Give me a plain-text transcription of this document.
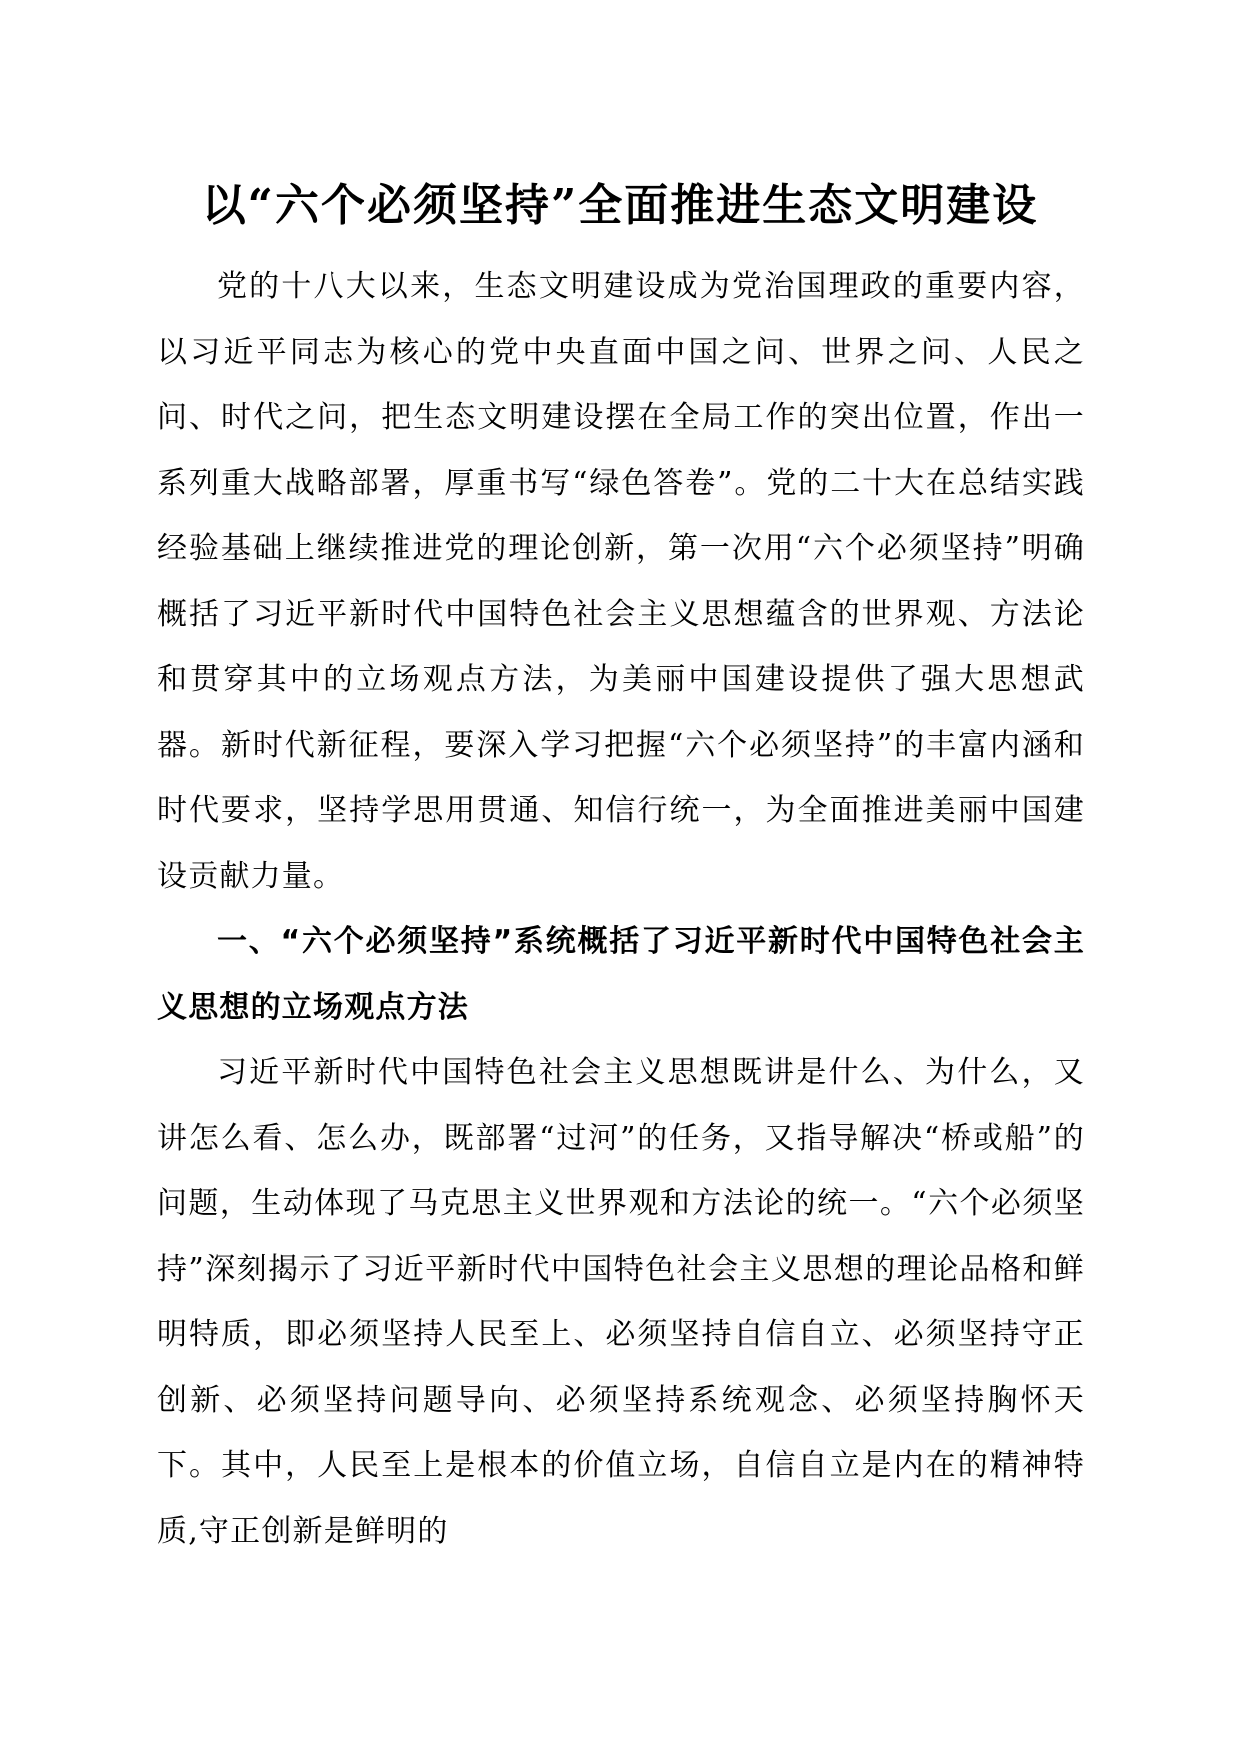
以“六个必须坚持”全面推进生态文明建设

党的十八大以来，生态文明建设成为党治国理政的重要内容，以习近平同志为核心的党中央直面中国之问、世界之问、人民之问、时代之问，把生态文明建设摆在全局工作的突出位置，作出一系列重大战略部署，厚重书写“绿色答卷”。党的二十大在总结实践经验基础上继续推进党的理论创新，第一次用“六个必须坚持”明确概括了习近平新时代中国特色社会主义思想蕴含的世界观、方法论和贯穿其中的立场观点方法，为美丽中国建设提供了强大思想武器。新时代新征程，要深入学习把握“六个必须坚持”的丰富内涵和时代要求，坚持学思用贯通、知信行统一，为全面推进美丽中国建设贡献力量。

一、“六个必须坚持”系统概括了习近平新时代中国特色社会主义思想的立场观点方法

习近平新时代中国特色社会主义思想既讲是什么、为什么，又讲怎么看、怎么办，既部署“过河”的任务，又指导解决“桥或船”的问题，生动体现了马克思主义世界观和方法论的统一。“六个必须坚持”深刻揭示了习近平新时代中国特色社会主义思想的理论品格和鲜明特质，即必须坚持人民至上、必须坚持自信自立、必须坚持守正创新、必须坚持问题导向、必须坚持系统观念、必须坚持胸怀天下。其中，人民至上是根本的价值立场，自信自立是内在的精神特质,守正创新是鲜明的
